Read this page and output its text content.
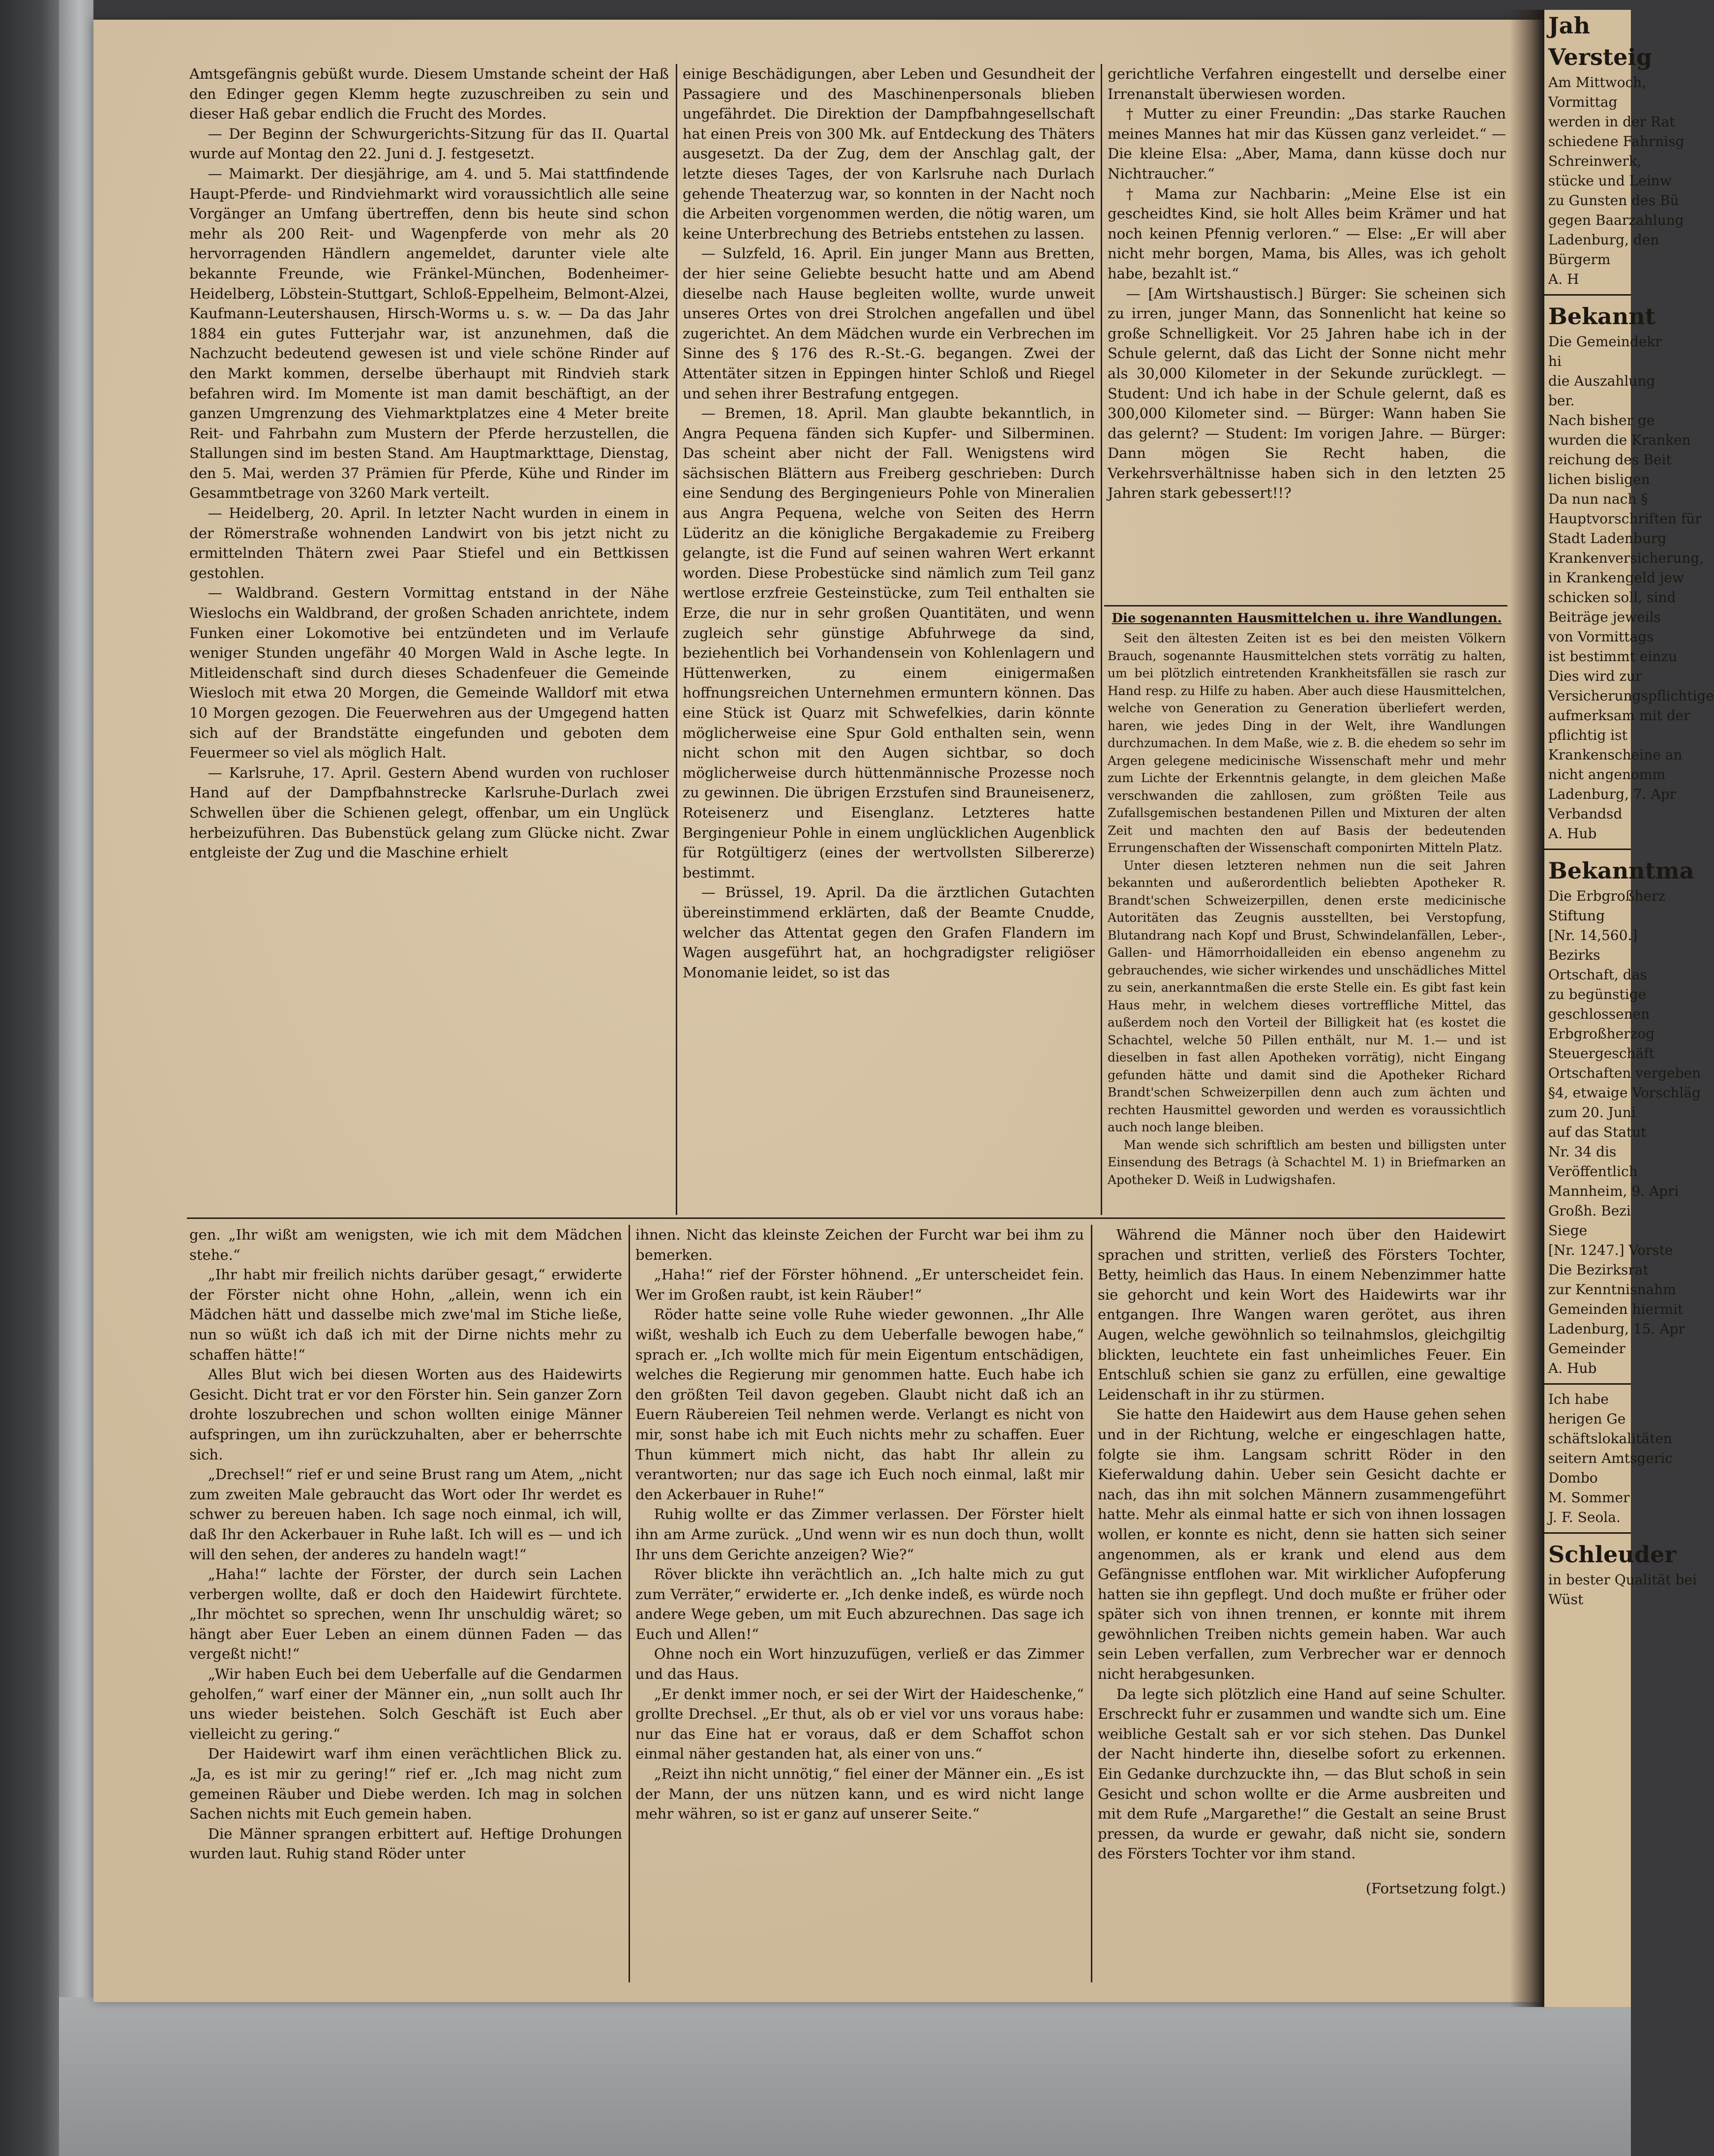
Amtsgefängnis gebüßt wurde. Diesem Umstande scheint der Haß den Edinger gegen Klemm hegte zuzuschreiben zu sein und dieser Haß gebar endlich die Frucht des Mordes.

— Der Beginn der Schwurgerichts-Sitzung für das II. Quartal wurde auf Montag den 22. Juni d. J. festgesetzt.

— Maimarkt. Der diesjährige, am 4. und 5. Mai stattfindende Haupt-Pferde- und Rindviehmarkt wird voraussichtlich alle seine Vorgänger an Umfang übertreffen, denn bis heute sind schon mehr als 200 Reit- und Wagenpferde von mehr als 20 hervorragenden Händlern angemeldet, darunter viele alte bekannte Freunde, wie Fränkel-München, Bodenheimer-Heidelberg, Löbstein-Stuttgart, Schloß-Eppelheim, Belmont-Alzei, Kaufmann-Leutershausen, Hirsch-Worms u. s. w. — Da das Jahr 1884 ein gutes Futterjahr war, ist anzunehmen, daß die Nachzucht bedeutend gewesen ist und viele schöne Rinder auf den Markt kommen, derselbe überhaupt mit Rindvieh stark befahren wird. Im Momente ist man damit beschäftigt, an der ganzen Umgrenzung des Viehmarktplatzes eine 4 Meter breite Reit- und Fahrbahn zum Mustern der Pferde herzustellen, die Stallungen sind im besten Stand. Am Hauptmarkttage, Dienstag, den 5. Mai, werden 37 Prämien für Pferde, Kühe und Rinder im Gesammtbetrage von 3260 Mark verteilt.

— Heidelberg, 20. April. In letzter Nacht wurden in einem in der Römerstraße wohnenden Landwirt von bis jetzt nicht zu ermittelnden Thätern zwei Paar Stiefel und ein Bettkissen gestohlen.

— Waldbrand. Gestern Vormittag entstand in der Nähe Wieslochs ein Waldbrand, der großen Schaden anrichtete, indem Funken einer Lokomotive bei entzündeten und im Verlaufe weniger Stunden ungefähr 40 Morgen Wald in Asche legte. In Mitleidenschaft sind durch dieses Schadenfeuer die Gemeinde Wiesloch mit etwa 20 Morgen, die Gemeinde Walldorf mit etwa 10 Morgen gezogen. Die Feuerwehren aus der Umgegend hatten sich auf der Brandstätte eingefunden und geboten dem Feuermeer so viel als möglich Halt.

— Karlsruhe, 17. April. Gestern Abend wurden von ruchloser Hand auf der Dampfbahnstrecke Karlsruhe-Durlach zwei Schwellen über die Schienen gelegt, offenbar, um ein Unglück herbeizuführen. Das Bubenstück gelang zum Glücke nicht. Zwar entgleiste der Zug und die Maschine erhielt

einige Beschädigungen, aber Leben und Gesundheit der Passagiere und des Maschinenpersonals blieben ungefährdet. Die Direktion der Dampfbahngesellschaft hat einen Preis von 300 Mk. auf Entdeckung des Thäters ausgesetzt. Da der Zug, dem der Anschlag galt, der letzte dieses Tages, der von Karlsruhe nach Durlach gehende Theaterzug war, so konnten in der Nacht noch die Arbeiten vorgenommen werden, die nötig waren, um keine Unterbrechung des Betriebs entstehen zu lassen.

— Sulzfeld, 16. April. Ein junger Mann aus Bretten, der hier seine Geliebte besucht hatte und am Abend dieselbe nach Hause begleiten wollte, wurde unweit unseres Ortes von drei Strolchen angefallen und übel zugerichtet. An dem Mädchen wurde ein Verbrechen im Sinne des § 176 des R.-St.-G. begangen. Zwei der Attentäter sitzen in Eppingen hinter Schloß und Riegel und sehen ihrer Bestrafung entgegen.

— Bremen, 18. April. Man glaubte bekanntlich, in Angra Pequena fänden sich Kupfer- und Silberminen. Das scheint aber nicht der Fall. Wenigstens wird sächsischen Blättern aus Freiberg geschrieben: Durch eine Sendung des Bergingenieurs Pohle von Mineralien aus Angra Pequena, welche von Seiten des Herrn Lüderitz an die königliche Bergakademie zu Freiberg gelangte, ist die Fund auf seinen wahren Wert erkannt worden. Diese Probestücke sind nämlich zum Teil ganz wertlose erzfreie Gesteinstücke, zum Teil enthalten sie Erze, die nur in sehr großen Quantitäten, und wenn zugleich sehr günstige Abfuhrwege da sind, beziehentlich bei Vorhandensein von Kohlenlagern und Hüttenwerken, zu einem einigermaßen hoffnungsreichen Unternehmen ermuntern können. Das eine Stück ist Quarz mit Schwefelkies, darin könnte möglicherweise eine Spur Gold enthalten sein, wenn nicht schon mit den Augen sichtbar, so doch möglicherweise durch hüttenmännische Prozesse noch zu gewinnen. Die übrigen Erzstufen sind Brauneisenerz, Roteisenerz und Eisenglanz. Letzteres hatte Bergingenieur Pohle in einem unglücklichen Augenblick für Rotgültigerz (eines der wertvollsten Silbererze) bestimmt.

— Brüssel, 19. April. Da die ärztlichen Gutachten übereinstimmend erklärten, daß der Beamte Cnudde, welcher das Attentat gegen den Grafen Flandern im Wagen ausgeführt hat, an hochgradigster religiöser Monomanie leidet, so ist das

gerichtliche Verfahren eingestellt und derselbe einer Irrenanstalt überwiesen worden.

† Mutter zu einer Freundin: „Das starke Rauchen meines Mannes hat mir das Küssen ganz verleidet.“ — Die kleine Elsa: „Aber, Mama, dann küsse doch nur Nichtraucher.“

† Mama zur Nachbarin: „Meine Else ist ein gescheidtes Kind, sie holt Alles beim Krämer und hat noch keinen Pfennig verloren.“ — Else: „Er will aber nicht mehr borgen, Mama, bis Alles, was ich geholt habe, bezahlt ist.“

— [Am Wirtshaustisch.] Bürger: Sie scheinen sich zu irren, junger Mann, das Sonnenlicht hat keine so große Schnelligkeit. Vor 25 Jahren habe ich in der Schule gelernt, daß das Licht der Sonne nicht mehr als 30,000 Kilometer in der Sekunde zurücklegt. — Student: Und ich habe in der Schule gelernt, daß es 300,000 Kilometer sind. — Bürger: Wann haben Sie das gelernt? — Student: Im vorigen Jahre. — Bürger: Dann mögen Sie Recht haben, die Verkehrsverhältnisse haben sich in den letzten 25 Jahren stark gebessert!!?

Die sogenannten Hausmittelchen u. ihre Wandlungen.

Seit den ältesten Zeiten ist es bei den meisten Völkern Brauch, sogenannte Hausmittelchen stets vorrätig zu halten, um bei plötzlich eintretenden Krankheitsfällen sie rasch zur Hand resp. zu Hilfe zu haben. Aber auch diese Hausmittelchen, welche von Generation zu Generation überliefert werden, haren, wie jedes Ding in der Welt, ihre Wandlungen durchzumachen. In dem Maße, wie z. B. die ehedem so sehr im Argen gelegene medicinische Wissenschaft mehr und mehr zum Lichte der Erkenntnis gelangte, in dem gleichen Maße verschwanden die zahllosen, zum größten Teile aus Zufallsgemischen bestandenen Pillen und Mixturen der alten Zeit und machten den auf Basis der bedeutenden Errungenschaften der Wissenschaft componirten Mitteln Platz.

Unter diesen letzteren nehmen nun die seit Jahren bekannten und außerordentlich beliebten Apotheker R. Brandt'schen Schweizerpillen, denen erste medicinische Autoritäten das Zeugnis ausstellten, bei Verstopfung, Blutandrang nach Kopf und Brust, Schwindelanfällen, Leber-, Gallen- und Hämorrhoidalleiden ein ebenso angenehm zu gebrauchendes, wie sicher wirkendes und unschädliches Mittel zu sein, anerkanntmaßen die erste Stelle ein. Es gibt fast kein Haus mehr, in welchem dieses vortreffliche Mittel, das außerdem noch den Vorteil der Billigkeit hat (es kostet die Schachtel, welche 50 Pillen enthält, nur M. 1.— und ist dieselben in fast allen Apotheken vorrätig), nicht Eingang gefunden hätte und damit sind die Apotheker Richard Brandt'schen Schweizerpillen denn auch zum ächten und rechten Hausmittel geworden und werden es voraussichtlich auch noch lange bleiben.

Man wende sich schriftlich am besten und billigsten unter Einsendung des Betrags (à Schachtel M. 1) in Briefmarken an Apotheker D. Weiß in Ludwigshafen.

gen. „Ihr wißt am wenigsten, wie ich mit dem Mädchen stehe.“

„Ihr habt mir freilich nichts darüber gesagt,“ erwiderte der Förster nicht ohne Hohn, „allein, wenn ich ein Mädchen hätt und dasselbe mich zwe'mal im Stiche ließe, nun so wüßt ich daß ich mit der Dirne nichts mehr zu schaffen hätte!“

Alles Blut wich bei diesen Worten aus des Haidewirts Gesicht. Dicht trat er vor den Förster hin. Sein ganzer Zorn drohte loszubrechen und schon wollten einige Männer aufspringen, um ihn zurückzuhalten, aber er beherrschte sich.

„Drechsel!“ rief er und seine Brust rang um Atem, „nicht zum zweiten Male gebraucht das Wort oder Ihr werdet es schwer zu bereuen haben. Ich sage noch einmal, ich will, daß Ihr den Ackerbauer in Ruhe laßt. Ich will es — und ich will den sehen, der anderes zu handeln wagt!“

„Haha!“ lachte der Förster, der durch sein Lachen verbergen wollte, daß er doch den Haidewirt fürchtete. „Ihr möchtet so sprechen, wenn Ihr unschuldig wäret; so hängt aber Euer Leben an einem dünnen Faden — das vergeßt nicht!“

„Wir haben Euch bei dem Ueberfalle auf die Gendarmen geholfen,“ warf einer der Männer ein, „nun sollt auch Ihr uns wieder beistehen. Solch Geschäft ist Euch aber vielleicht zu gering.“

Der Haidewirt warf ihm einen verächtlichen Blick zu. „Ja, es ist mir zu gering!“ rief er. „Ich mag nicht zum gemeinen Räuber und Diebe werden. Ich mag in solchen Sachen nichts mit Euch gemein haben.

Die Männer sprangen erbittert auf. Heftige Drohungen wurden laut. Ruhig stand Röder unter

ihnen. Nicht das kleinste Zeichen der Furcht war bei ihm zu bemerken.

„Haha!“ rief der Förster höhnend. „Er unterscheidet fein. Wer im Großen raubt, ist kein Räuber!“

Röder hatte seine volle Ruhe wieder gewonnen. „Ihr Alle wißt, weshalb ich Euch zu dem Ueberfalle bewogen habe,“ sprach er. „Ich wollte mich für mein Eigentum entschädigen, welches die Regierung mir genommen hatte. Euch habe ich den größten Teil davon gegeben. Glaubt nicht daß ich an Euern Räubereien Teil nehmen werde. Verlangt es nicht von mir, sonst habe ich mit Euch nichts mehr zu schaffen. Euer Thun kümmert mich nicht, das habt Ihr allein zu verantworten; nur das sage ich Euch noch einmal, laßt mir den Ackerbauer in Ruhe!“

Ruhig wollte er das Zimmer verlassen. Der Förster hielt ihn am Arme zurück. „Und wenn wir es nun doch thun, wollt Ihr uns dem Gerichte anzeigen? Wie?“

Röver blickte ihn verächtlich an. „Ich halte mich zu gut zum Verräter,“ erwiderte er. „Ich denke indeß, es würde noch andere Wege geben, um mit Euch abzurechnen. Das sage ich Euch und Allen!“

Ohne noch ein Wort hinzuzufügen, verließ er das Zimmer und das Haus.

„Er denkt immer noch, er sei der Wirt der Haideschenke,“ grollte Drechsel. „Er thut, als ob er viel vor uns voraus habe: nur das Eine hat er voraus, daß er dem Schaffot schon einmal näher gestanden hat, als einer von uns.“

„Reizt ihn nicht unnötig,“ fiel einer der Männer ein. „Es ist der Mann, der uns nützen kann, und es wird nicht lange mehr währen, so ist er ganz auf unserer Seite.“

Während die Männer noch über den Haidewirt sprachen und stritten, verließ des Försters Tochter, Betty, heimlich das Haus. In einem Nebenzimmer hatte sie gehorcht und kein Wort des Haidewirts war ihr entgangen. Ihre Wangen waren gerötet, aus ihren Augen, welche gewöhnlich so teilnahmslos, gleichgiltig blickten, leuchtete ein fast unheimliches Feuer. Ein Entschluß schien sie ganz zu erfüllen, eine gewaltige Leidenschaft in ihr zu stürmen.

Sie hatte den Haidewirt aus dem Hause gehen sehen und in der Richtung, welche er eingeschlagen hatte, folgte sie ihm. Langsam schritt Röder in den Kieferwaldung dahin. Ueber sein Gesicht dachte er nach, das ihn mit solchen Männern zusammengeführt hatte. Mehr als einmal hatte er sich von ihnen lossagen wollen, er konnte es nicht, denn sie hatten sich seiner angenommen, als er krank und elend aus dem Gefängnisse entflohen war. Mit wirklicher Aufopferung hatten sie ihn gepflegt. Und doch mußte er früher oder später sich von ihnen trennen, er konnte mit ihrem gewöhnlichen Treiben nichts gemein haben. War auch sein Leben verfallen, zum Verbrecher war er dennoch nicht herabgesunken.

Da legte sich plötzlich eine Hand auf seine Schulter. Erschreckt fuhr er zusammen und wandte sich um. Eine weibliche Gestalt sah er vor sich stehen. Das Dunkel der Nacht hinderte ihn, dieselbe sofort zu erkennen. Ein Gedanke durchzuckte ihn, — das Blut schoß in sein Gesicht und schon wollte er die Arme ausbreiten und mit dem Rufe „Margarethe!“ die Gestalt an seine Brust pressen, da wurde er gewahr, daß nicht sie, sondern des Försters Tochter vor ihm stand.

(Fortsetzung folgt.)

Jah
Versteig
Am Mittwoch,
Vormittag
werden in der Rat
schiedene Fahrnisg
Schreinwerk,
stücke und Leinw
zu Gunsten des Bü
gegen Baarzahlung
Ladenburg, den
Bürgerm
A. H
Bekannt
Die Gemeindekr
hi
die Auszahlung
ber.
Nach bisher ge
wurden die Kranken
reichung des Beit
lichen bisligen
Da nun nach §
Hauptvorschriften für
Stadt Ladenburg
Krankenversicherung,
in Krankengeld jew
schicken soll, sind
Beiträge jeweils
von Vormittags
ist bestimmt einzu
Dies wird zur
Versicherungspflichtige
aufmerksam mit der
pflichtig ist
Krankenscheine an
nicht angenomm
Ladenburg, 7. Apr
Verbandsd
A. Hub
Bekanntma
Die Erbgroßherz
Stiftung
[Nr. 14,560.]
Bezirks
Ortschaft, das
zu begünstige
geschlossenen
Erbgroßherzog
Steuergeschäft
Ortschaften vergeben
§4, etwaige Vorschläg
zum 20. Juni
auf das Statut
Nr. 34 dis
Veröffentlich
Mannheim, 9. Apri
Großh. Bezi
Siege
[Nr. 1247.] Vorste
Die Bezirksrat
zur Kenntnisnahm
Gemeinden hiermit
Ladenburg, 15. Apr
Gemeinder
A. Hub
Ich habe
herigen Ge
schäftslokalitäten
seitern Amtsgeric
Dombo
M. Sommer
J. F. Seola.
Schleuder
in bester Qualität bei
Wüst
